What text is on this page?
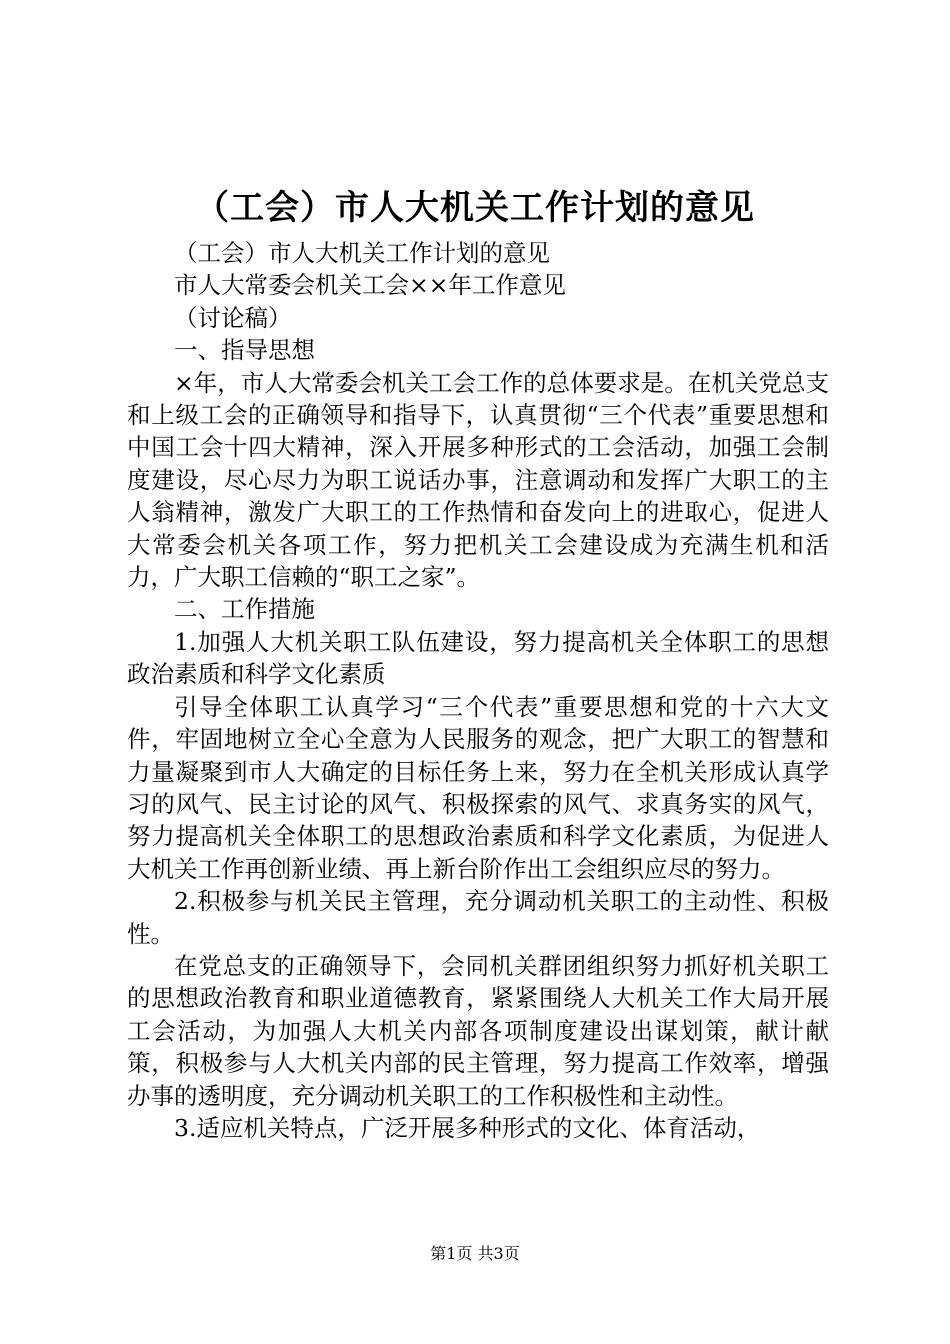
（工会）市人大机关工作计划的意见

（工会）市人大机关工作计划的意见

市人大常委会机关工会××年工作意见

（讨论稿）

一、指导思想

×年，市人大常委会机关工会工作的总体要求是。在机关党总支和上级工会的正确领导和指导下，认真贯彻“三个代表”重要思想和中国工会十四大精神，深入开展多种形式的工会活动，加强工会制度建设，尽心尽力为职工说话办事，注意调动和发挥广大职工的主人翁精神，激发广大职工的工作热情和奋发向上的进取心，促进人大常委会机关各项工作，努力把机关工会建设成为充满生机和活力，广大职工信赖的“职工之家”。

二、工作措施

1.加强人大机关职工队伍建设，努力提高机关全体职工的思想政治素质和科学文化素质

引导全体职工认真学习“三个代表”重要思想和党的十六大文件，牢固地树立全心全意为人民服务的观念，把广大职工的智慧和力量凝聚到市人大确定的目标任务上来，努力在全机关形成认真学习的风气、民主讨论的风气、积极探索的风气、求真务实的风气，努力提高机关全体职工的思想政治素质和科学文化素质，为促进人大机关工作再创新业绩、再上新台阶作出工会组织应尽的努力。

2.积极参与机关民主管理，充分调动机关职工的主动性、积极性。

在党总支的正确领导下，会同机关群团组织努力抓好机关职工的思想政治教育和职业道德教育，紧紧围绕人大机关工作大局开展工会活动，为加强人大机关内部各项制度建设出谋划策，献计献策，积极参与人大机关内部的民主管理，努力提高工作效率，增强办事的透明度，充分调动机关职工的工作积极性和主动性。

3.适应机关特点，广泛开展多种形式的文化、体育活动，

第1页 共3页
